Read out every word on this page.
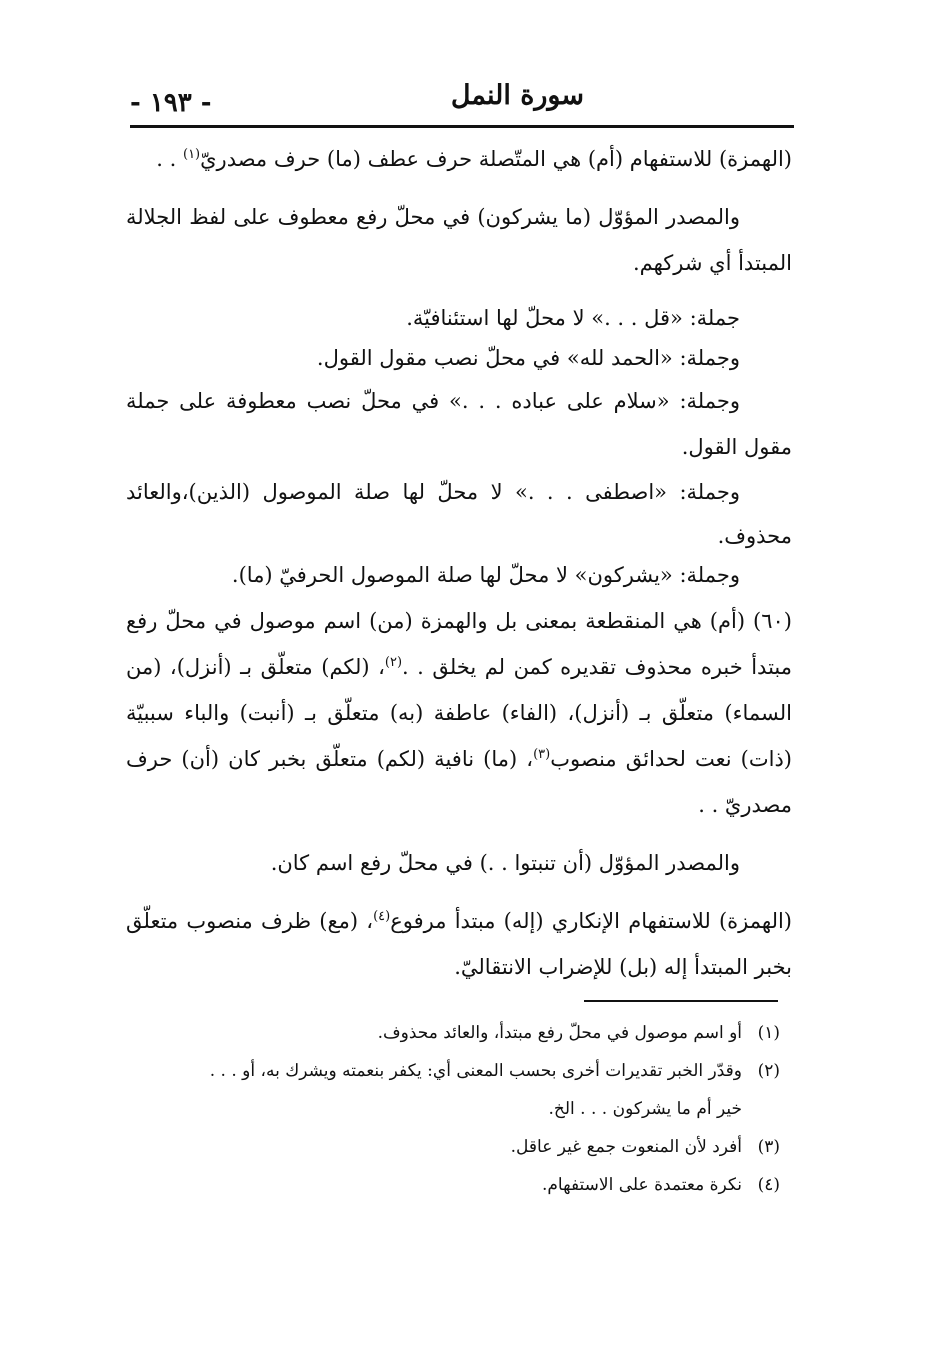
سورة النمل
- ١٩٣ -

(الهمزة) للاستفهام (أم) هي المتّصلة حرف عطف (ما) حرف مصدريّ$^{(١)}$ . .

والمصدر المؤوّل (ما يشركون) في محلّ رفع معطوف على لفظ الجلالة المبتدأ أي شركهم.

جملة: «قل . . .» لا محلّ لها استئنافيّة.

وجملة: «الحمد لله» في محلّ نصب مقول القول.

وجملة: «سلام على عباده . . .» في محلّ نصب معطوفة على جملة مقول القول.

وجملة: «اصطفى . . .» لا محلّ لها صلة الموصول (الذين)،والعائد محذوف.

وجملة: «يشركون» لا محلّ لها صلة الموصول الحرفيّ (ما).

(٦٠) (أم) هي المنقطعة بمعنى بل والهمزة (من) اسم موصول في محلّ رفع مبتدأ خبره محذوف تقديره كمن لم يخلق . .$^{(٢)}$، (لكم) متعلّق بـ (أنزل)، (من السماء) متعلّق بـ (أنزل)، (الفاء) عاطفة (به) متعلّق بـ (أنبت) والباء سببيّة (ذات) نعت لحدائق منصوب$^{(٣)}$، (ما) نافية (لكم) متعلّق بخبر كان (أن) حرف مصدريّ . .

والمصدر المؤوّل (أن تنبتوا . .) في محلّ رفع اسم كان.

(الهمزة) للاستفهام الإنكاري (إله) مبتدأ مرفوع$^{(٤)}$، (مع) ظرف منصوب متعلّق بخبر المبتدأ إله (بل) للإضراب الانتقاليّ.

(١)
أو اسم موصول في محلّ رفع مبتدأ، والعائد محذوف.

(٢)
وقدّر الخبر تقديرات أخرى بحسب المعنى أي: يكفر بنعمته ويشرك به، أو . . .

خير أم ما يشركون . . . الخ.

(٣)
أفرد لأن المنعوت جمع غير عاقل.

(٤)
نكرة معتمدة على الاستفهام.
